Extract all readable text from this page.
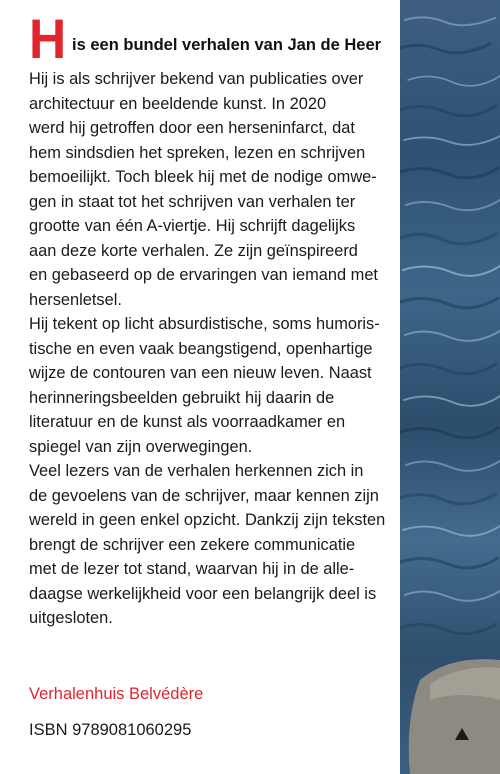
H is een bundel verhalen van Jan de Heer
Hij is als schrijver bekend van publicaties over
architectuur en beeldende kunst. In 2020
werd hij getroffen door een herseninfarct, dat
hem sindsdien het spreken, lezen en schrijven
bemoeilijkt. Toch bleek hij met de nodige omwe-
gen in staat tot het schrijven van verhalen ter
grootte van één A-viertje. Hij schrijft dagelijks
aan deze korte verhalen. Ze zijn geïnspireerd
en gebaseerd op de ervaringen van iemand met
hersenletsel.
Hij tekent op licht absurdistische, soms humoris-
tische en even vaak beangstigend, openhartige
wijze de contouren van een nieuw leven. Naast
herinneringsbeelden gebruikt hij daarin de
literatuur en de kunst als voorraadkamer en
spiegel van zijn overwegingen.
Veel lezers van de verhalen herkennen zich in
de gevoelens van de schrijver, maar kennen zijn
wereld in geen enkel opzicht. Dankzij zijn teksten
brengt de schrijver een zekere communicatie
met de lezer tot stand, waarvan hij in de alle-
daagse werkelijkheid voor een belangrijk deel is
uitgesloten.
Verhalenhuis Belvédère
ISBN 9789081060295
